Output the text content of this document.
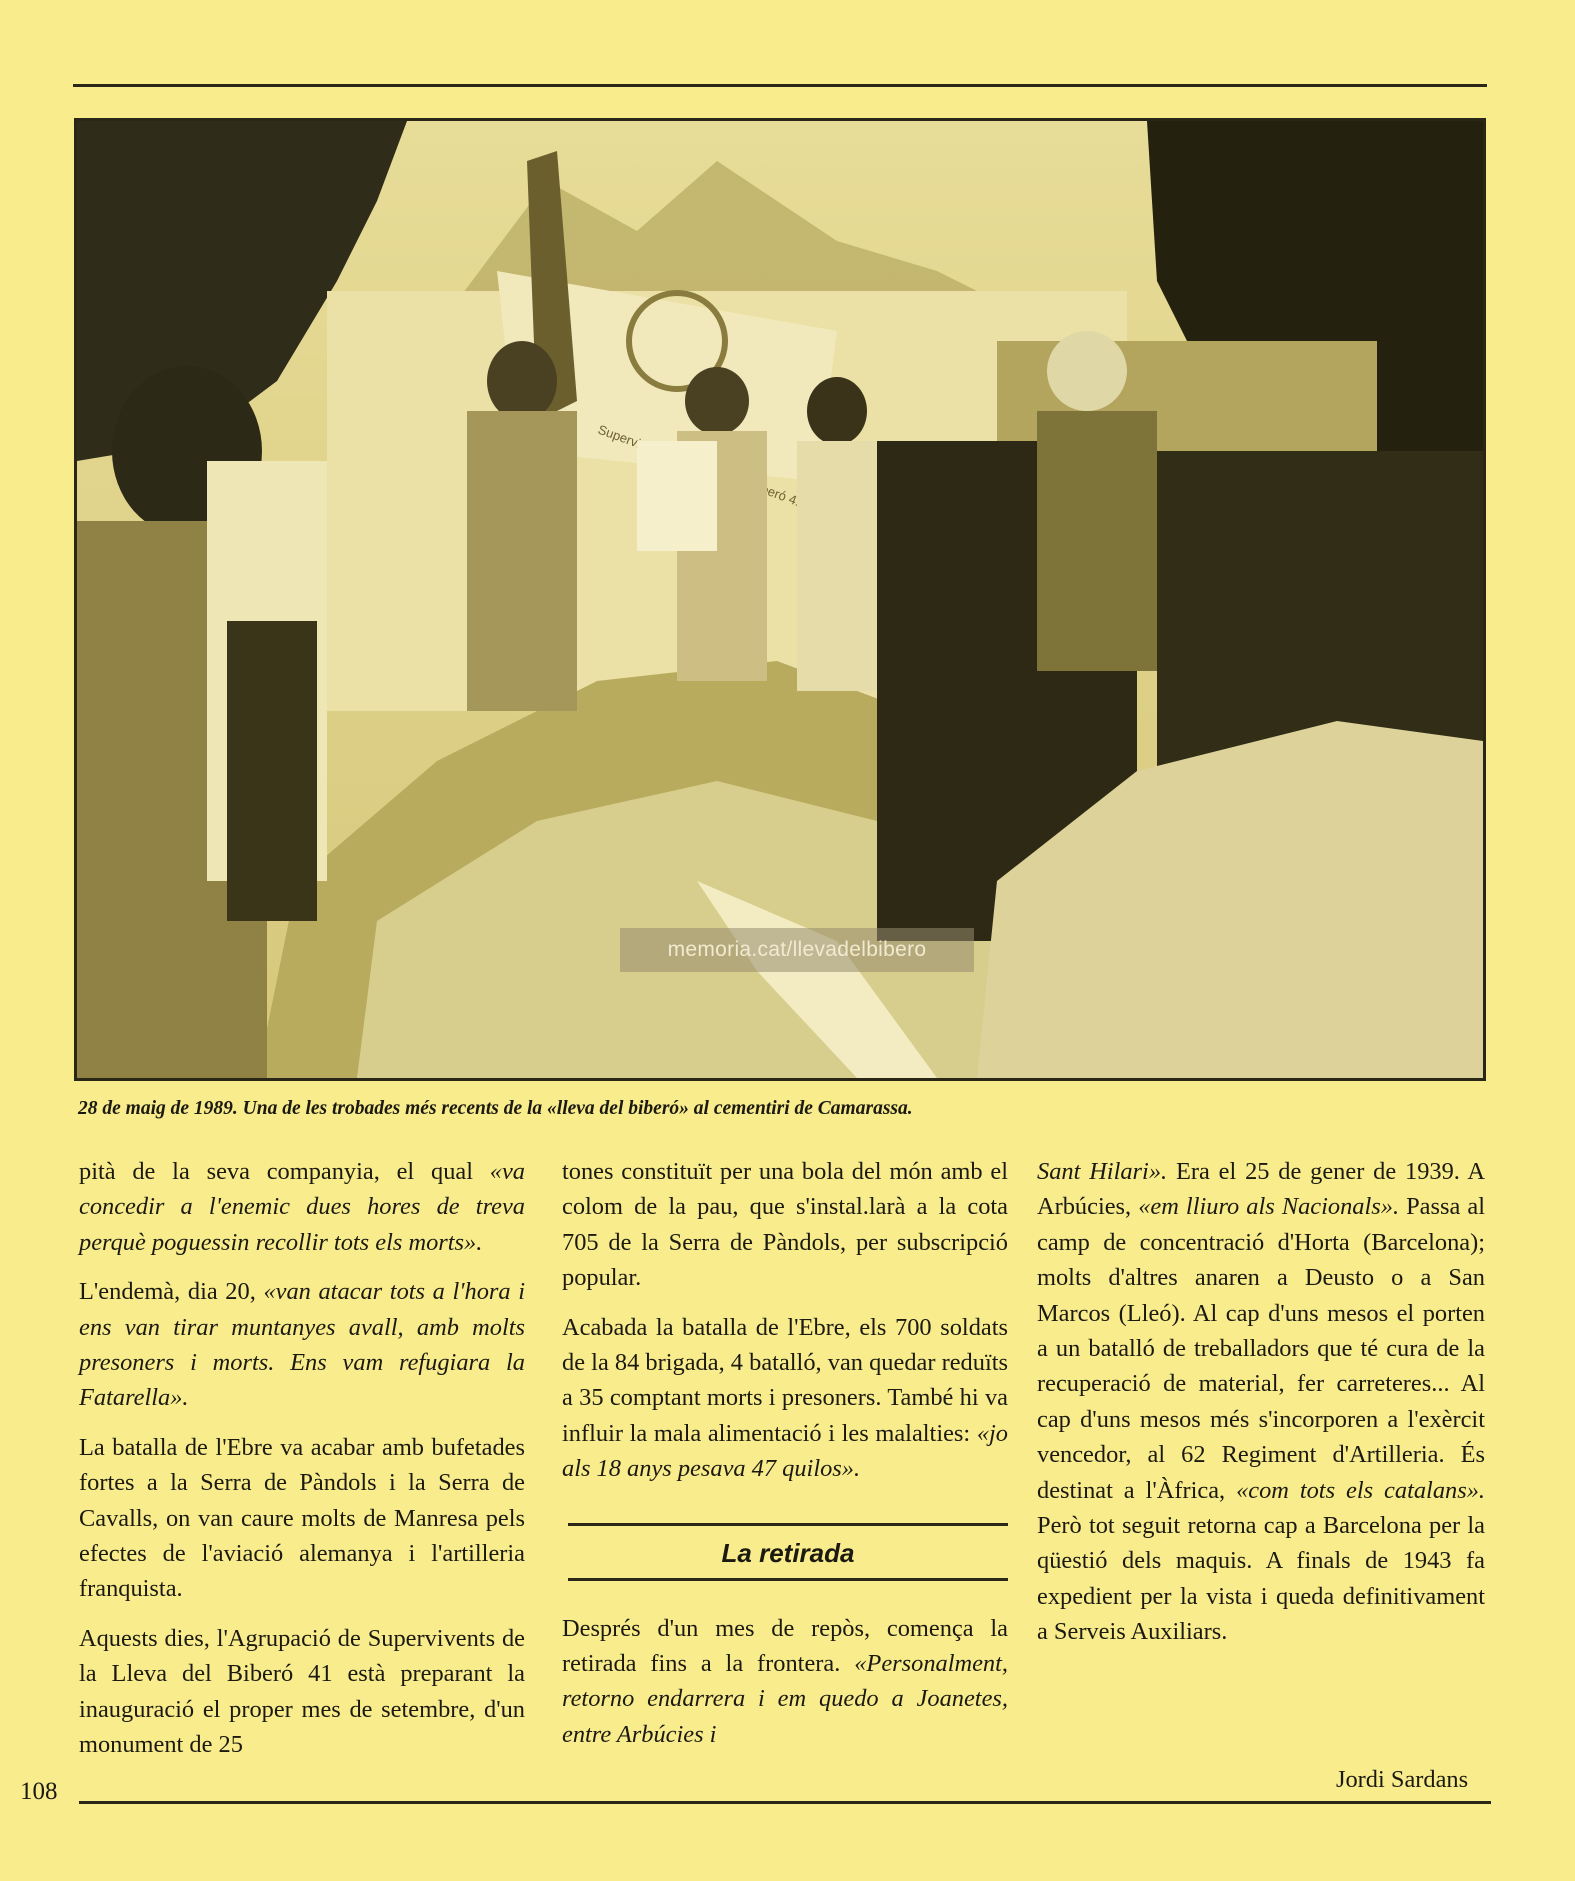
Supervivents Biberó 41
memoria.cat/llevadelbibero
28 de maig de 1989. Una de les trobades més recents de la «lleva del biberó» al cementiri de Camarassa.

pità de la seva companyia, el qual «va concedir a l'enemic dues hores de treva perquè poguessin recollir tots els morts».

L'endemà, dia 20, «van atacar tots a l'hora i ens van tirar muntanyes avall, amb molts presoners i morts. Ens vam refugiara la Fatarella».

La batalla de l'Ebre va acabar amb bufetades fortes a la Serra de Pàndols i la Serra de Cavalls, on van caure molts de Manresa pels efectes de l'aviació alemanya i l'artilleria franquista.

Aquests dies, l'Agrupació de Supervivents de la Lleva del Biberó 41 està preparant la inauguració el proper mes de setembre, d'un monument de 25

tones constituït per una bola del món amb el colom de la pau, que s'instal.larà a la cota 705 de la Serra de Pàndols, per subscripció popular.

Acabada la batalla de l'Ebre, els 700 soldats de la 84 brigada, 4 batalló, van quedar reduïts a 35 comptant morts i presoners. També hi va influir la mala alimentació i les malalties: «jo als 18 anys pesava 47 quilos».

La retirada

Després d'un mes de repòs, comença la retirada fins a la frontera. «Personalment, retorno endarrera i em quedo a Joanetes, entre Arbúcies i

Sant Hilari». Era el 25 de gener de 1939. A Arbúcies, «em lliuro als Nacionals». Passa al camp de concentració d'Horta (Barcelona); molts d'altres anaren a Deusto o a San Marcos (Lleó). Al cap d'uns mesos el porten a un batalló de treballadors que té cura de la recuperació de material, fer carreteres... Al cap d'uns mesos més s'incorporen a l'exèrcit vencedor, al 62 Regiment d'Artilleria. És destinat a l'Àfrica, «com tots els catalans». Però tot seguit retorna cap a Barcelona per la qüestió dels maquis. A finals de 1943 fa expedient per la vista i queda definitivament a Serveis Auxiliars.

108	Jordi Sardans
